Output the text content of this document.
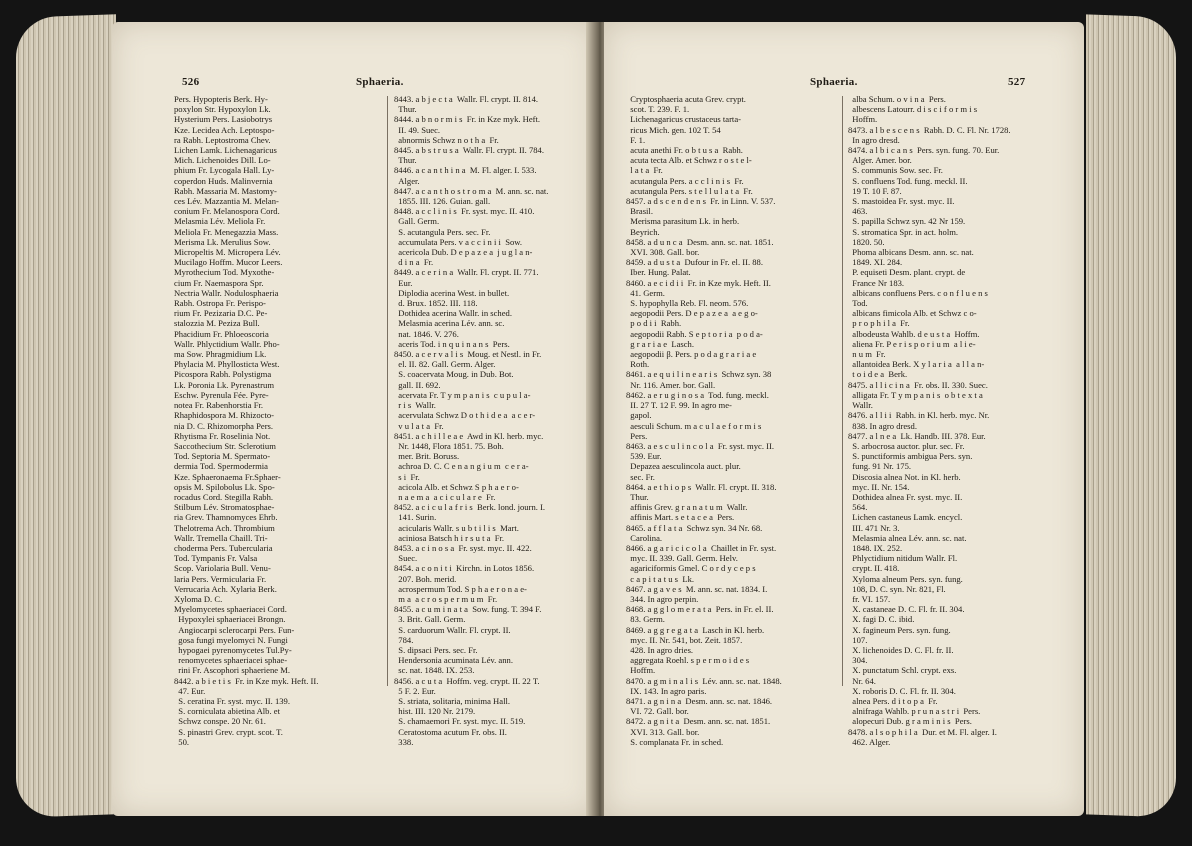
526	Sphaeria.
Pers. Hypopteris Berk. Hy-
poxylon Str. Hypoxylon Lk.
Hysterium Pers. Lasiobotrys
Kze. Lecidea Ach. Leptospo-
ra Rabh. Leptostroma Chev.
Lichen Lamk. Lichenagaricus
Mich. Lichenoides Dill. Lo-
phium Fr. Lycogala Hall. Ly-
coperdon Huds. Malinvernia
Rabh. Massaria M. Mastomy-
ces Lév. Mazzantia M. Melan-
conium Fr. Melanospora Cord.
Melasmia Lév. Meliola Fr.
Meliola Fr. Menegazzia Mass.
Merisma Lk. Merulius Sow.
Micropeltis M. Micropera Lév.
Mucilago Hoffm. Mucor Leers.
Myrothecium Tod. Myxothe-
cium Fr. Naemaspora Spr.
Nectria Wallr. Nodulosphaeria
Rabh. Ostropa Fr. Perispo-
rium Fr. Pezizaria D.C. Pe-
stalozzia M. Peziza Bull.
Phacidium Fr. Phloeoscoria
Wallr. Phlyctidium Wallr. Pho-
ma Sow. Phragmidium Lk.
Phylacia M. Phyllosticta West.
Picospora Rabh. Polystigma
Lk. Poronia Lk. Pyrenastrum
Eschw. Pyrenula Fée. Pyre-
notea Fr. Rabenhorstia Fr.
Rhaphidospora M. Rhizocto-
nia D. C. Rhizomorpha Pers.
Rhytisma Fr. Roselinia Not.
Saccothecium Str. Sclerotium
Tod. Septoria M. Spermato-
dermia Tod. Spermodermia
Kze. Sphaeronaema Fr.Sphaer-
opsis M. Spilobolus Lk. Spo-
rocadus Cord. Stegilla Rabh.
Stilbum Lév. Stromatosphae-
ria Grev. Thamnomyces Ehrb.
Thelotrema Ach. Thrombium
Wallr. Tremella Chaill. Tri-
choderma Pers. Tubercularia
Tod. Tympanis Fr. Valsa
Scop. Variolaria Bull. Venu-
laria Pers. Vermicularia Fr.
Verrucaria Ach. Xylaria Berk.
Xyloma D. C.
Myelomycetes sphaeriacei Cord.
Hypoxylei sphaeriacei Brongn.
Angiocarpi sclerocarpi Pers. Fun-
gosa fungi myelomyci N. Fungi
hypogaei pyrenomycetes Tul.Py-
renomycetes sphaeriacei sphae-
rini Fr. Ascophori sphaeriene M.
8442. a b i e t i s  Fr. in Kze myk. Heft. II.
47. Eur.
S. ceratina Fr. syst. myc. II. 139.
S. corniculata abietina Alb. et
Schwz conspe. 20 Nr. 61.
S. pinastri Grev. crypt. scot. T.
50.
8443. a b j e c t a  Wallr. Fl. crypt. II. 814.
Thur.
8444. a b n o r m i s  Fr. in Kze myk. Heft.
II. 49. Suec.
abnormis Schwz n o t h a  Fr.
8445. a b s t r u s a  Wallr. Fl. crypt. II. 784.
Thur.
8446. a c a n t h i n a  M. Fl. alger. I. 533.
Alger.
8447. a c a n t h o s t r o m a  M. ann. sc. nat.
1855. III. 126. Guian. gall.
8448. a c c l i n i s  Fr. syst. myc. II. 410.
Gall. Germ.
S. acutangula Pers. sec. Fr.
accumulata Pers. v a c c i n i i  Sow.
acericola Dub. D e p a z e a  j u g l a n-
d i n a  Fr.
8449. a c e r i n a  Wallr. Fl. crypt. II. 771.
Eur.
Diplodia acerina West. in bullet.
d. Brux. 1852. III. 118.
Dothidea acerina Wallr. in sched.
Melasmia acerina Lév. ann. sc.
nat. 1846. V. 276.
aceris Tod. i n q u i n a n s  Pers.
8450. a c e r v a l i s  Moug. et Nestl. in Fr.
el. II. 82. Gall. Germ. Alger.
S. coacervata Moug. in Dub. Bot.
gall. II. 692.
acervata Fr. T y m p a n i s  c u p u l a-
r i s  Wallr.
acervulata Schwz D o t h i d e a  a c e r-
v u l a t a  Fr.
8451. a c h i l l e a e  Awd in Kl. herb. myc.
Nr. 1448, Flora 1851. 75. Boh.
mer. Brit. Boruss.
achroa D. C. C e n a n g i u m  c e r a-
s i  Fr.
acicola Alb. et Schwz S p h a e r o-
n a e m a  a c i c u l a r e  Fr.
8452. a c i c u l a f r i s  Berk. lond. journ. I.
141. Surin.
acicularis Wallr. s u b t i l i s  Mart.
aciniosa Batsch h i r s u t a  Fr.
8453. a c i n o s a  Fr. syst. myc. II. 422.
Suec.
8454. a c o n i t i  Kirchn. in Lotos 1856.
207. Boh. merid.
acrospermum Tod. S p h a e r o n a e-
m a  a c r o s p e r m u m  Fr.
8455. a c u m i n a t a  Sow. fung. T. 394 F.
3. Brit. Gall. Germ.
S. carduorum Wallr. Fl. crypt. II.
784.
S. dipsaci Pers. sec. Fr.
Hendersonia acuminata Lév. ann.
sc. nat. 1848. IX. 253.
8456. a c u t a  Hoffm. veg. crypt. II. 22 T.
5 F. 2. Eur.
S. striata, solitaria, minima Hall.
hist. III. 120 Nr. 2179.
S. chamaemori Fr. syst. myc. II. 519.
Ceratostoma acutum Fr. obs. II.
338.
Sphaeria.	527
Cryptosphaeria acuta Grev. crypt.
scot. T. 239. F. 1.
Lichenagaricus crustaceus tarta-
ricus Mich. gen. 102 T. 54
F. 1.
acuta anethi Fr. o b t u s a  Rabh.
acuta tecta Alb. et Schwz r o s t e l-
l a t a  Fr.
acutangula Pers. a c c l i n i s  Fr.
acutangula Pers. s t e l l u l a t a  Fr.
8457. a d s c e n d e n s  Fr. in Linn. V. 537.
Brasil.
Merisma parasitum Lk. in herb.
Beyrich.
8458. a d u n c a  Desm. ann. sc. nat. 1851.
XVI. 308. Gall. bor.
8459. a d u s t a  Dufour in Fr. el. II. 88.
Iber. Hung. Palat.
8460. a e c i d i i  Fr. in Kze myk. Heft. II.
41. Germ.
S. hypophylla Reb. Fl. neom. 576.
aegopodii Pers. D e p a z e a  a e g o-
p o d i i  Rabh.
aegopodii Rabh. S e p t o r i a  p o d a-
g r a r i a e  Lasch.
aegopodii β. Pers. p o d a g r a r i a e
Roth.
8461. a e q u i l i n e a r i s  Schwz syn. 38
Nr. 116. Amer. bor. Gall.
8462. a e r u g i n o s a  Tod. fung. meckl.
II. 27 T. 12 F. 99. In agro me-
gapol.
aesculi Schum. m a c u l a e f o r m i s
Pers.
8463. a e s c u l i n c o l a  Fr. syst. myc. II.
539. Eur.
Depazea aesculincola auct. plur.
sec. Fr.
8464. a e t h i o p s  Wallr. Fl. crypt. II. 318.
Thur.
affinis Grev. g r a n a t u m  Wallr.
affinis Mart. s e t a c e a  Pers.
8465. a f f l a t a  Schwz syn. 34 Nr. 68.
Carolina.
8466. a g a r i c i c o l a  Chaillet in Fr. syst.
myc. II. 339. Gall. Germ. Helv.
agariciformis Gmel. C o r d y c e p s
c a p i t a t u s  Lk.
8467. a g a v e s  M. ann. sc. nat. 1834. I.
344. In agro perpin.
8468. a g g l o m e r a t a  Pers. in Fr. el. II.
83. Germ.
8469. a g g r e g a t a  Lasch in Kl. herb.
myc. II. Nr. 541, bot. Zeit. 1857.
428. In agro dries.
aggregata Roehl. s p e r m o i d e s
Hoffm.
8470. a g m i n a l i s  Lév. ann. sc. nat. 1848.
IX. 143. In agro paris.
8471. a g n i n a  Desm. ann. sc. nat. 1846.
VI. 72. Gall. bor.
8472. a g n i t a  Desm. ann. sc. nat. 1851.
XVI. 313. Gall. bor.
S. complanata Fr. in sched.
alba Schum. o v i n a  Pers.
albescens Latourr. d i s c i f o r m i s
Hoffm.
8473. a l b e s c e n s  Rabh. D. C. Fl. Nr. 1728.
In agro dresd.
8474. a l b i c a n s  Pers. syn. fung. 70. Eur.
Alger. Amer. bor.
S. communis Sow. sec. Fr.
S. confluens Tod. fung. meckl. II.
19 T. 10 F. 87.
S. mastoidea Fr. syst. myc. II.
463.
S. papilla Schwz syn. 42 Nr 159.
S. stromatica Spr. in act. holm.
1820. 50.
Phoma albicans Desm. ann. sc. nat.
1849. XI. 284.
P. equiseti Desm. plant. crypt. de
France Nr 183.
albicans confluens Pers. c o n f l u e n s
Tod.
albicans fimicola Alb. et Schwz c o-
p r o p h i l a  Fr.
albodeusta Wahlb. d e u s t a  Hoffm.
aliena Fr. P e r i s p o r i u m  a l i e-
n u m  Fr.
allantoidea Berk. X y l a r i a  a l l a n-
t o i d e a  Berk.
8475. a l l i c i n a  Fr. obs. II. 330. Suec.
alligata Fr. T y m p a n i s  o b t e x t a
Wallr.
8476. a l l i i  Rabh. in Kl. herb. myc. Nr.
838. In agro dresd.
8477. a l n e a  Lk. Handb. III. 378. Eur.
S. arbocrosa auctor. plur. sec. Fr.
S. punctiformis ambigua Pers. syn.
fung. 91 Nr. 175.
Discosia alnea Not. in Kl. herb.
myc. II. Nr. 154.
Dothidea alnea Fr. syst. myc. II.
564.
Lichen castaneus Lamk. encycl.
III. 471 Nr. 3.
Melasmia alnea Lév. ann. sc. nat.
1848. IX. 252.
Phlyctidium nitidum Wallr. Fl.
crypt. II. 418.
Xyloma alneum Pers. syn. fung.
108, D. C. syn. Nr. 821, Fl.
fr. VI. 157.
X. castaneae D. C. Fl. fr. II. 304.
X. fagi D. C. ibid.
X. fagineum Pers. syn. fung.
107.
X. lichenoides D. C. Fl. fr. II.
304.
X. punctatum Schl. crypt. exs.
Nr. 64.
X. roboris D. C. Fl. fr. II. 304.
alnea Pers. d i t o p a  Fr.
alnifraga Wahlb. p r u n a s t r i  Pers.
alopecuri Dub. g r a m i n i s  Pers.
8478. a l s o p h i l a  Dur. et M. Fl. alger. I.
462. Alger.
